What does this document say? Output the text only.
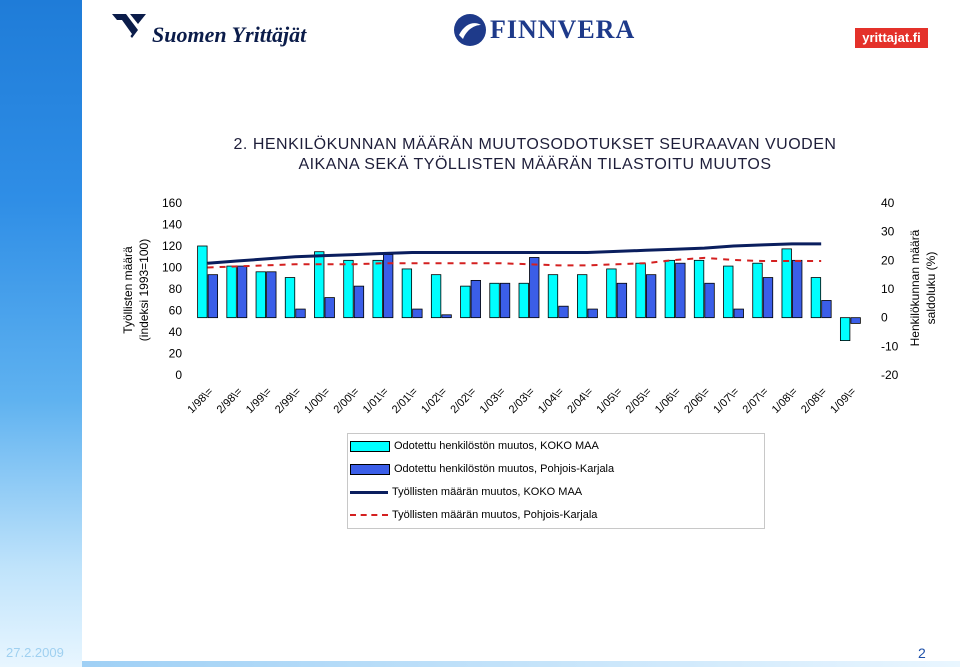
Suomen Yrittäjät	FINNVERA	yrittajat.fi
2. HENKILÖKUNNAN MÄÄRÄN MUUTOSODOTUKSET SEURAAVAN VUODEN
AIKANA SEKÄ TYÖLLISTEN MÄÄRÄN TILASTOITU MUUTOS
0
20
40
60
80
100
120
140
160
-20
-10
0
10
20
30
40
1/98\=
2/98\=
1/99\=
2/99\=
1/00\=
2/00\=
1/01\=
2/01\=
1/02\=
2/02\=
1/03\=
2/03\=
1/04\=
2/04\=
1/05\=
2/05\=
1/06\=
2/06\=
1/07\=
2/07\=
1/08\=
2/08\=
1/09\=
Työllisten määrä (indeksi 1993=100)	Henkilökunnan määrä saldoluku (%)
Odotettu henkilöstön muutos, KOKO MAA
Odotettu henkilöstön muutos, Pohjois-Karjala
Työllisten määrän muutos, KOKO MAA
Työllisten määrän muutos, Pohjois-Karjala
27.2.2009	2
